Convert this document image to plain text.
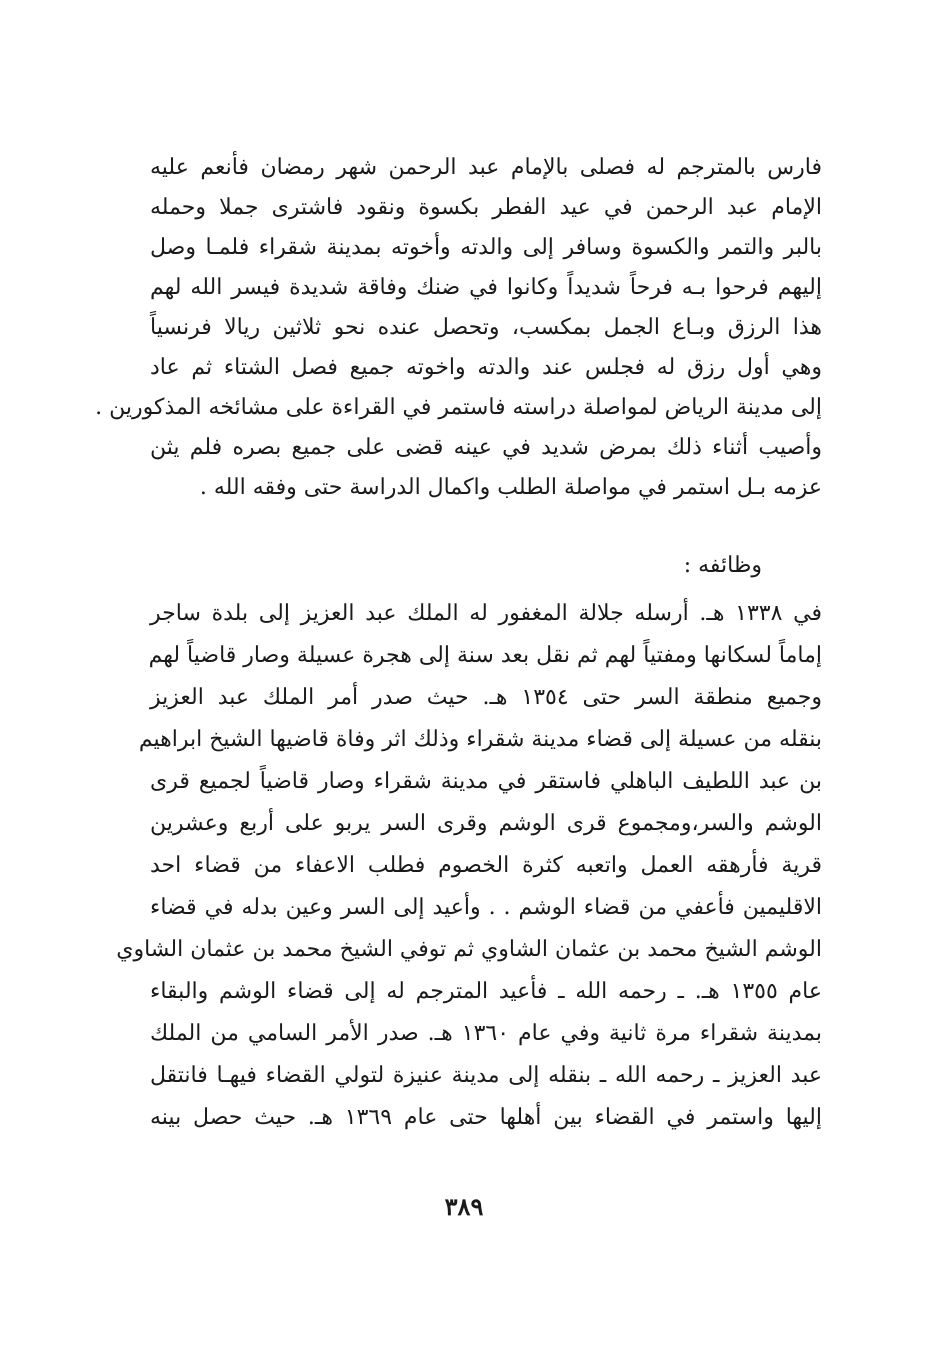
فارس بالمترجم له فصلى بالإمام عبد الرحمن شهر رمضان فأنعم عليه
الإمام عبد الرحمن في عيد الفطر بكسوة ونقود فاشترى جملا وحمله
بالبر والتمر والكسوة وسافر إلى والدته وأخوته بمدينة شقراء فلمـا وصل
إليهم فرحوا بـه فرحاً شديداً وكانوا في ضنك وفاقة شديدة فيسر الله لهم
هذا الرزق وبـاع الجمل بمكسب، وتحصل عنده نحو ثلاثين ريالا فرنسياً
وهي أول رزق له فجلس عند والدته واخوته جميع فصل الشتاء ثم عاد
إلى مدينة الرياض لمواصلة دراسته فاستمر في القراءة على مشائخه المذكورين .
وأصيب أثناء ذلك بمرض شديد في عينه قضى على جميع بصره فلم يثن
عزمه بـل استمر في مواصلة الطلب واكمال الدراسة حتى وفقه الله .
وظائفه :
في ١٣٣٨ هـ. أرسله جلالة المغفور له الملك عبد العزيز إلى بلدة ساجر
إماماً لسكانها ومفتياً لهم ثم نقل بعد سنة إلى هجرة عسيلة وصار قاضياً لهم
وجميع منطقة السر حتى ١٣٥٤ هـ. حيث صدر أمر الملك عبد العزيز
بنقله من عسيلة إلى قضاء مدينة شقراء وذلك اثر وفاة قاضيها الشيخ ابراهيم
بن عبد اللطيف الباهلي فاستقر في مدينة شقراء وصار قاضياً لجميع قرى
الوشم والسر،ومجموع قرى الوشم وقرى السر يربو على أربع وعشرين
قرية فأرهقه العمل واتعبه كثرة الخصوم فطلب الاعفاء من قضاء احد
الاقليمين فأعفي من قضاء الوشم . . وأعيد إلى السر وعين بدله في قضاء
الوشم الشيخ محمد بن عثمان الشاوي ثم توفي الشيخ محمد بن عثمان الشاوي
عام ١٣٥٥ هـ. ـ رحمه الله ـ فأعيد المترجم له إلى قضاء الوشم والبقاء
بمدينة شقراء مرة ثانية وفي عام ١٣٦٠ هـ. صدر الأمر السامي من الملك
عبد العزيز ـ رحمه الله ـ بنقله إلى مدينة عنيزة لتولي القضاء فيهـا فانتقل
إليها واستمر في القضاء بين أهلها حتى عام ١٣٦٩ هـ. حيث حصل بينه
٣٨٩
